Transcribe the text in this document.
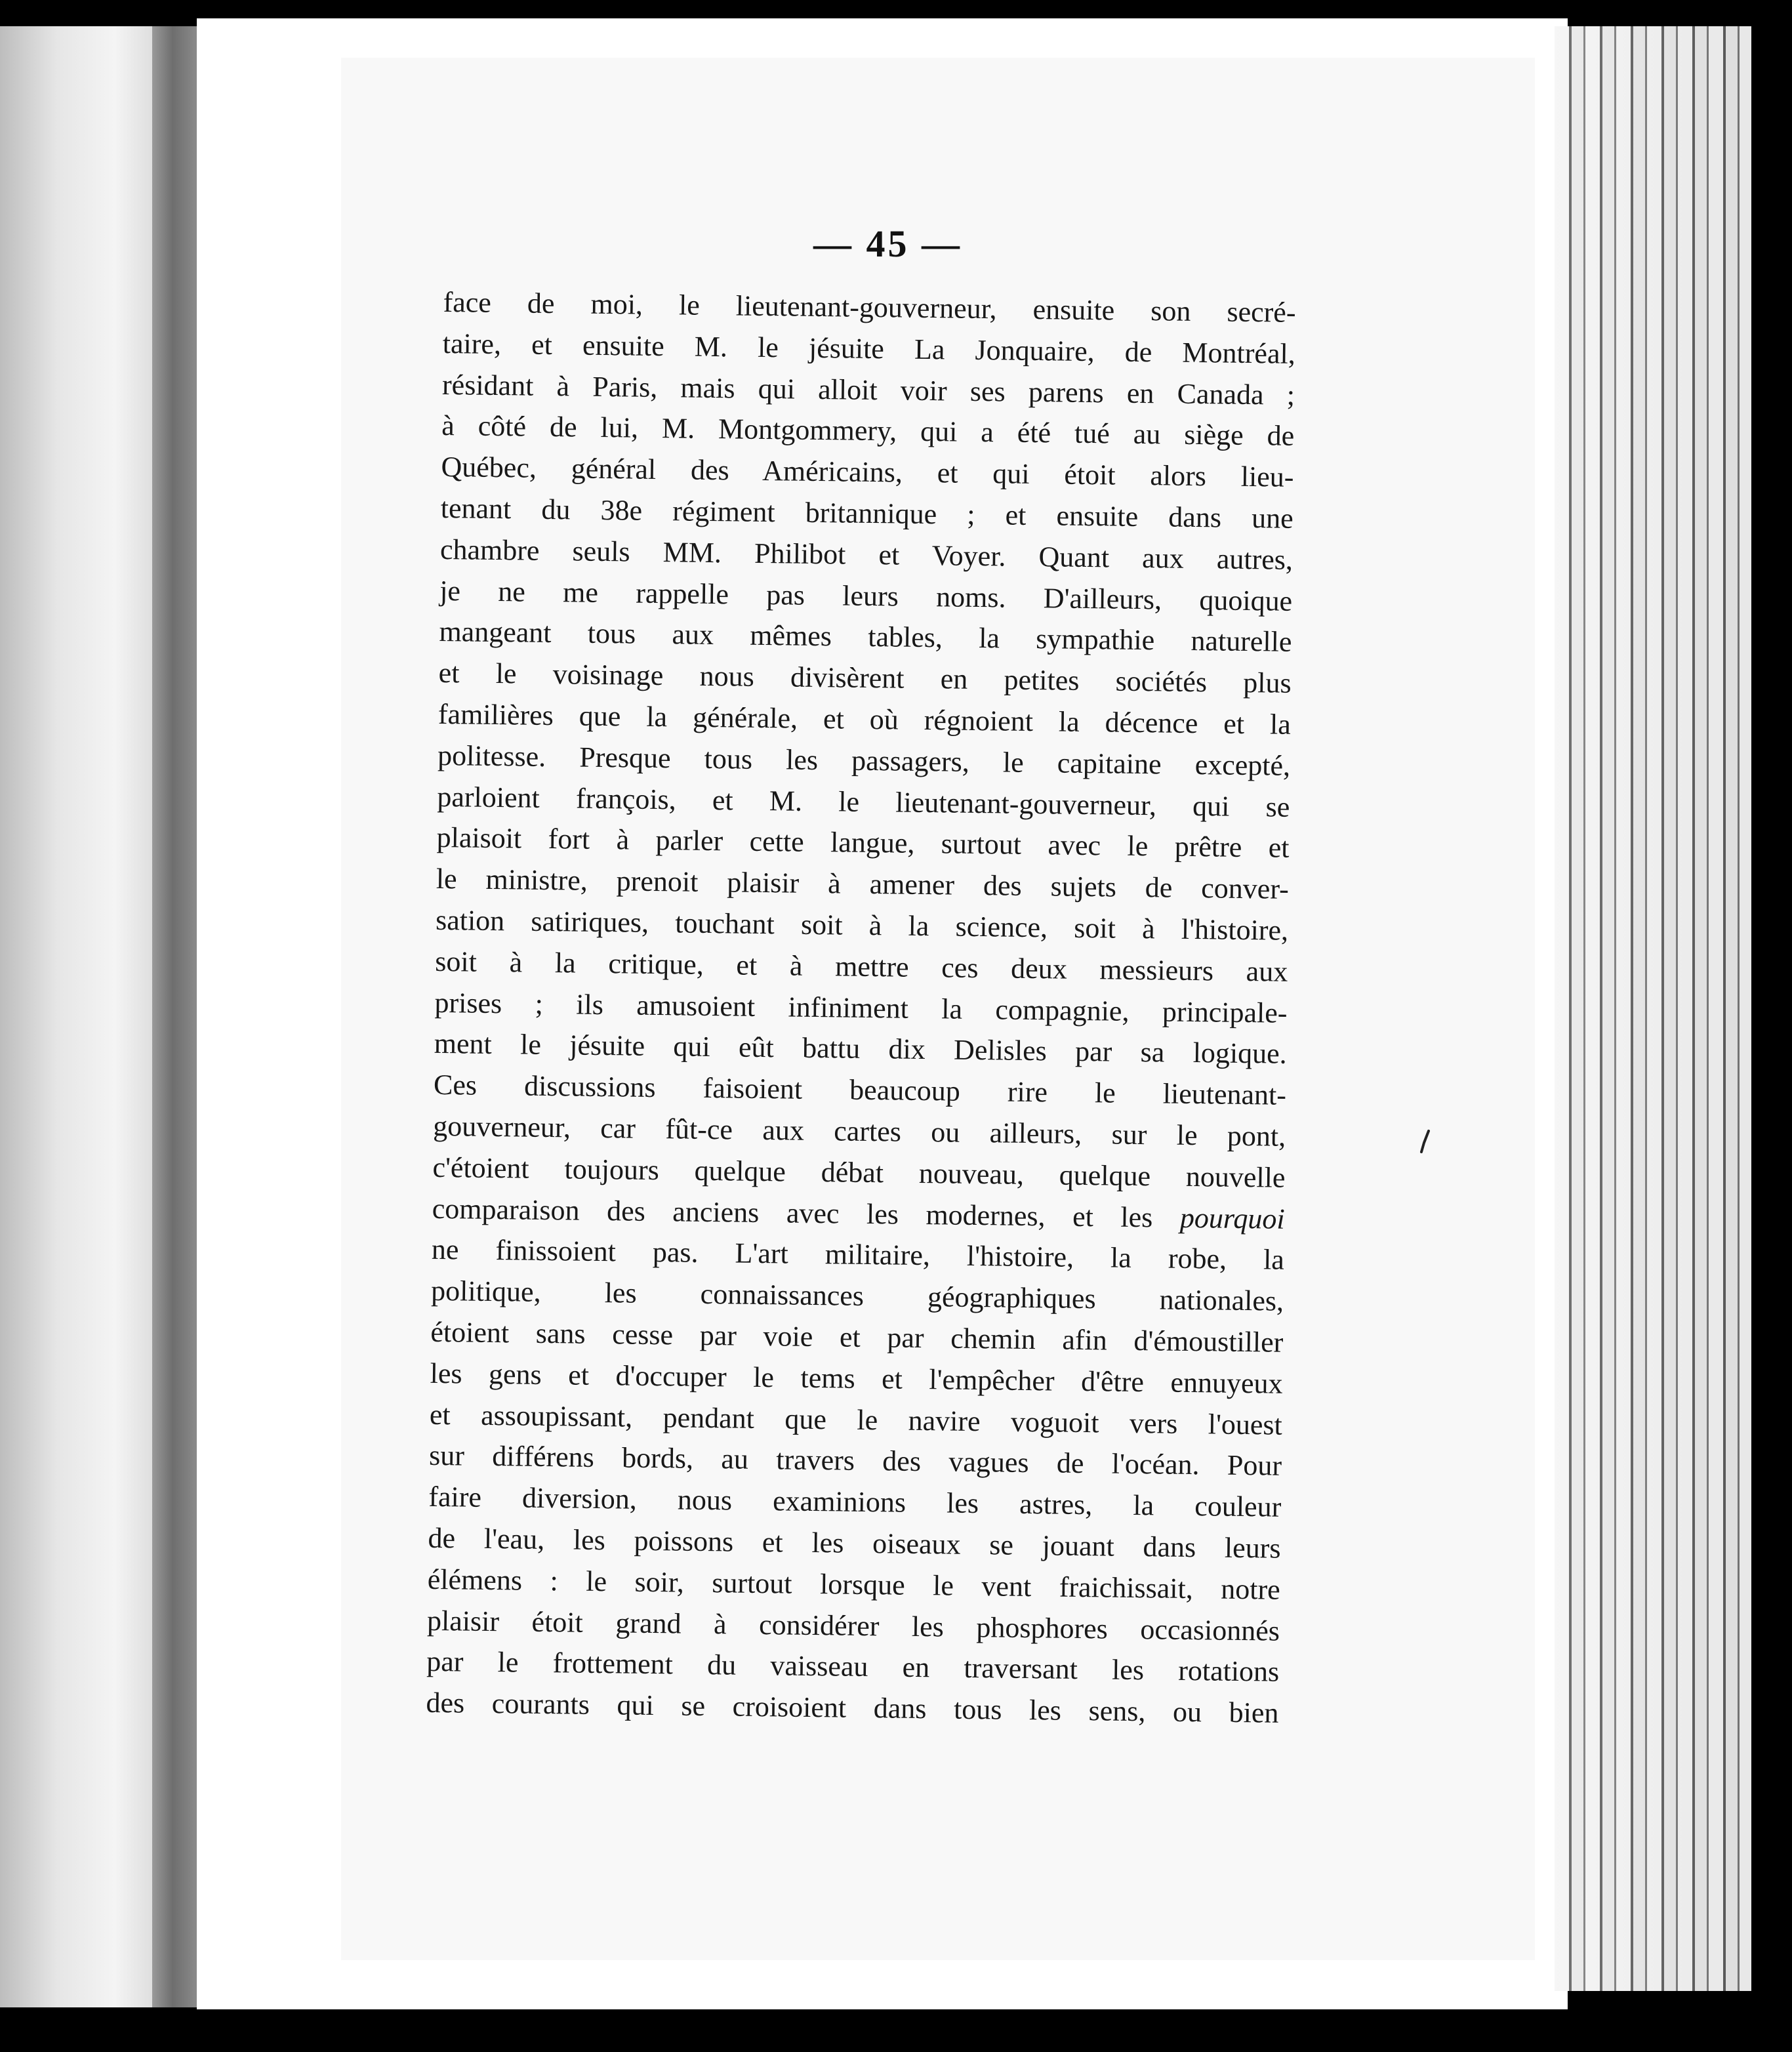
— 45 —
face de moi, le lieutenant-gouverneur, ensuite son secré-
taire, et ensuite M. le jésuite La Jonquaire, de Montréal,
résidant à Paris, mais qui alloit voir ses parens en Canada ;
à côté de lui, M. Montgommery, qui a été tué au siège de
Québec, général des Américains, et qui étoit alors lieu-
tenant du 38e régiment britannique ; et ensuite dans une
chambre seuls MM. Philibot et Voyer. Quant aux autres,
je ne me rappelle pas leurs noms. D'ailleurs, quoique
mangeant tous aux mêmes tables, la sympathie naturelle
et le voisinage nous divisèrent en petites sociétés plus
familières que la générale, et où régnoient la décence et la
politesse. Presque tous les passagers, le capitaine excepté,
parloient françois, et M. le lieutenant-gouverneur, qui se
plaisoit fort à parler cette langue, surtout avec le prêtre et
le ministre, prenoit plaisir à amener des sujets de conver-
sation satiriques, touchant soit à la science, soit à l'histoire,
soit à la critique, et à mettre ces deux messieurs aux
prises ; ils amusoient infiniment la compagnie, principale-
ment le jésuite qui eût battu dix Delisles par sa logique.
Ces discussions faisoient beaucoup rire le lieutenant-
gouverneur, car fût-ce aux cartes ou ailleurs, sur le pont,
c'étoient toujours quelque débat nouveau, quelque nouvelle
comparaison des anciens avec les modernes, et les pourquoi
ne finissoient pas. L'art militaire, l'histoire, la robe, la
politique, les connaissances géographiques nationales,
étoient sans cesse par voie et par chemin afin d'émoustiller
les gens et d'occuper le tems et l'empêcher d'être ennuyeux
et assoupissant, pendant que le navire voguoit vers l'ouest
sur différens bords, au travers des vagues de l'océan. Pour
faire diversion, nous examinions les astres, la couleur
de l'eau, les poissons et les oiseaux se jouant dans leurs
élémens : le soir, surtout lorsque le vent fraichissait, notre
plaisir étoit grand à considérer les phosphores occasionnés
par le frottement du vaisseau en traversant les rotations
des courants qui se croisoient dans tous les sens, ou bien
